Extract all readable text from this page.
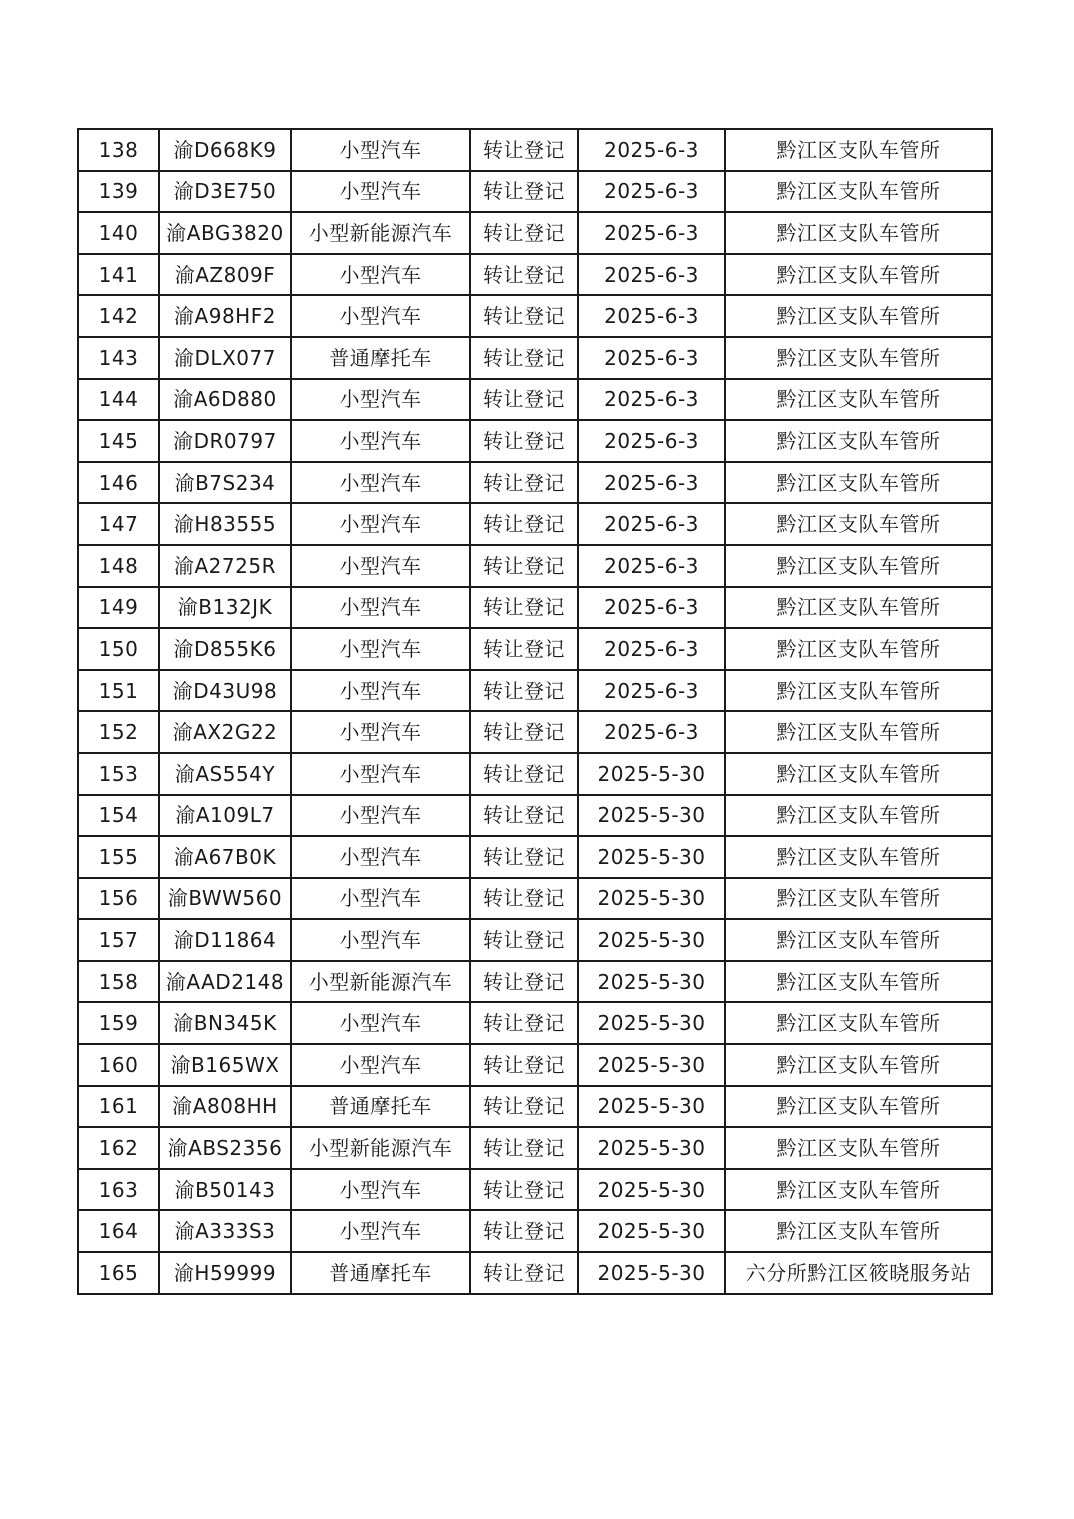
138	渝D668K9	小型汽车	转让登记	2025-6-3	黔江区支队车管所
139	渝D3E750	小型汽车	转让登记	2025-6-3	黔江区支队车管所
140	渝ABG3820	小型新能源汽车	转让登记	2025-6-3	黔江区支队车管所
141	渝AZ809F	小型汽车	转让登记	2025-6-3	黔江区支队车管所
142	渝A98HF2	小型汽车	转让登记	2025-6-3	黔江区支队车管所
143	渝DLX077	普通摩托车	转让登记	2025-6-3	黔江区支队车管所
144	渝A6D880	小型汽车	转让登记	2025-6-3	黔江区支队车管所
145	渝DR0797	小型汽车	转让登记	2025-6-3	黔江区支队车管所
146	渝B7S234	小型汽车	转让登记	2025-6-3	黔江区支队车管所
147	渝H83555	小型汽车	转让登记	2025-6-3	黔江区支队车管所
148	渝A2725R	小型汽车	转让登记	2025-6-3	黔江区支队车管所
149	渝B132JK	小型汽车	转让登记	2025-6-3	黔江区支队车管所
150	渝D855K6	小型汽车	转让登记	2025-6-3	黔江区支队车管所
151	渝D43U98	小型汽车	转让登记	2025-6-3	黔江区支队车管所
152	渝AX2G22	小型汽车	转让登记	2025-6-3	黔江区支队车管所
153	渝AS554Y	小型汽车	转让登记	2025-5-30	黔江区支队车管所
154	渝A109L7	小型汽车	转让登记	2025-5-30	黔江区支队车管所
155	渝A67B0K	小型汽车	转让登记	2025-5-30	黔江区支队车管所
156	渝BWW560	小型汽车	转让登记	2025-5-30	黔江区支队车管所
157	渝D11864	小型汽车	转让登记	2025-5-30	黔江区支队车管所
158	渝AAD2148	小型新能源汽车	转让登记	2025-5-30	黔江区支队车管所
159	渝BN345K	小型汽车	转让登记	2025-5-30	黔江区支队车管所
160	渝B165WX	小型汽车	转让登记	2025-5-30	黔江区支队车管所
161	渝A808HH	普通摩托车	转让登记	2025-5-30	黔江区支队车管所
162	渝ABS2356	小型新能源汽车	转让登记	2025-5-30	黔江区支队车管所
163	渝B50143	小型汽车	转让登记	2025-5-30	黔江区支队车管所
164	渝A333S3	小型汽车	转让登记	2025-5-30	黔江区支队车管所
165	渝H59999	普通摩托车	转让登记	2025-5-30	六分所黔江区筱晓服务站
